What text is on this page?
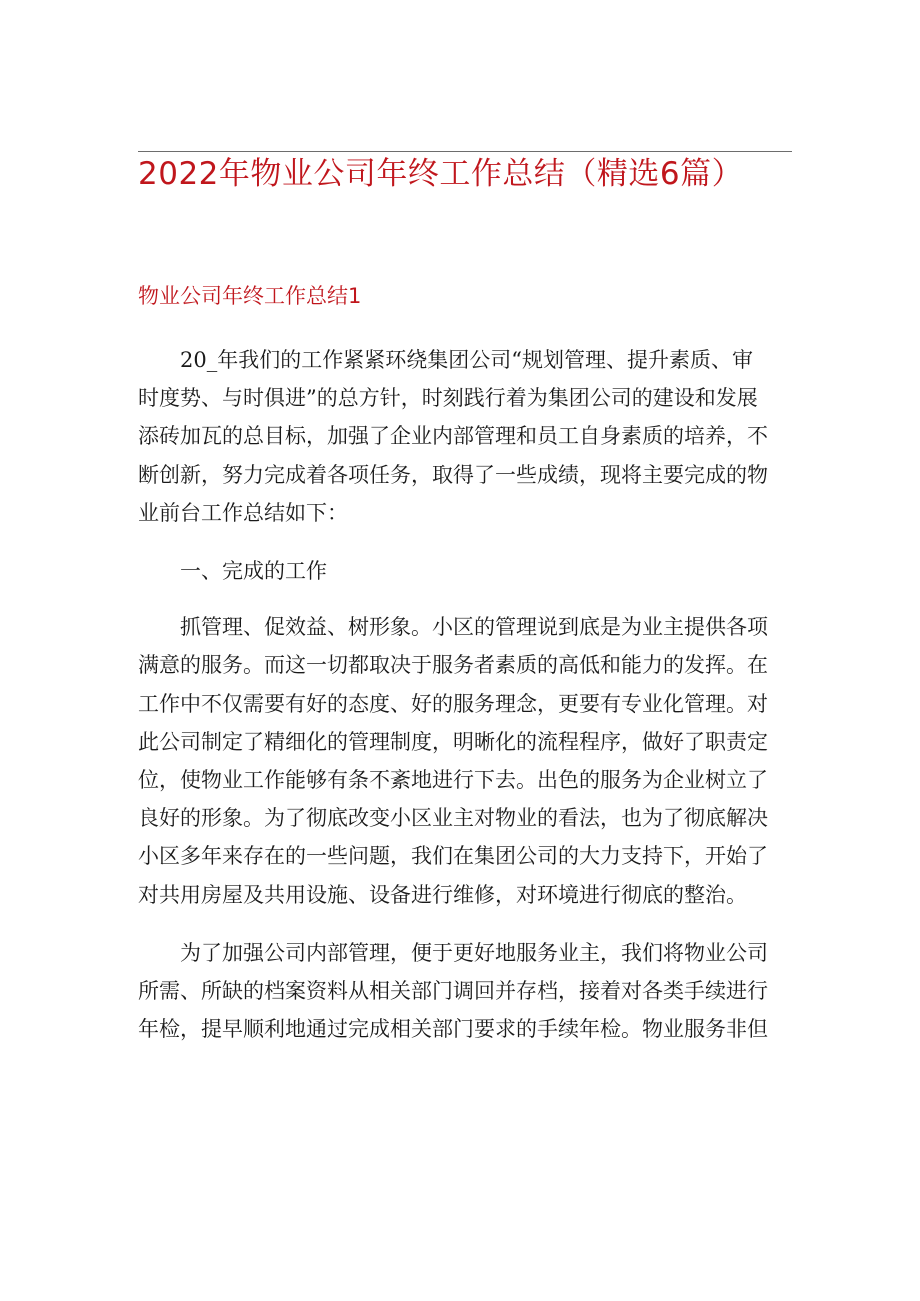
2022年物业公司年终工作总结（精选6篇）
物业公司年终工作总结1

20_年我们的工作紧紧环绕集团公司“规划管理、提升素质、审
时度势、与时俱进”的总方针，时刻践行着为集团公司的建设和发展
添砖加瓦的总目标，加强了企业内部管理和员工自身素质的培养，不
断创新，努力完成着各项任务，取得了一些成绩，现将主要完成的物
业前台工作总结如下：

一、完成的工作

抓管理、促效益、树形象。小区的管理说到底是为业主提供各项
满意的服务。而这一切都取决于服务者素质的高低和能力的发挥。在
工作中不仅需要有好的态度、好的服务理念，更要有专业化管理。对
此公司制定了精细化的管理制度，明晰化的流程程序，做好了职责定
位，使物业工作能够有条不紊地进行下去。出色的服务为企业树立了
良好的形象。为了彻底改变小区业主对物业的看法，也为了彻底解决
小区多年来存在的一些问题，我们在集团公司的大力支持下，开始了
对共用房屋及共用设施、设备进行维修，对环境进行彻底的整治。

为了加强公司内部管理，便于更好地服务业主，我们将物业公司
所需、所缺的档案资料从相关部门调回并存档，接着对各类手续进行
年检，提早顺利地通过完成相关部门要求的手续年检。物业服务非但
